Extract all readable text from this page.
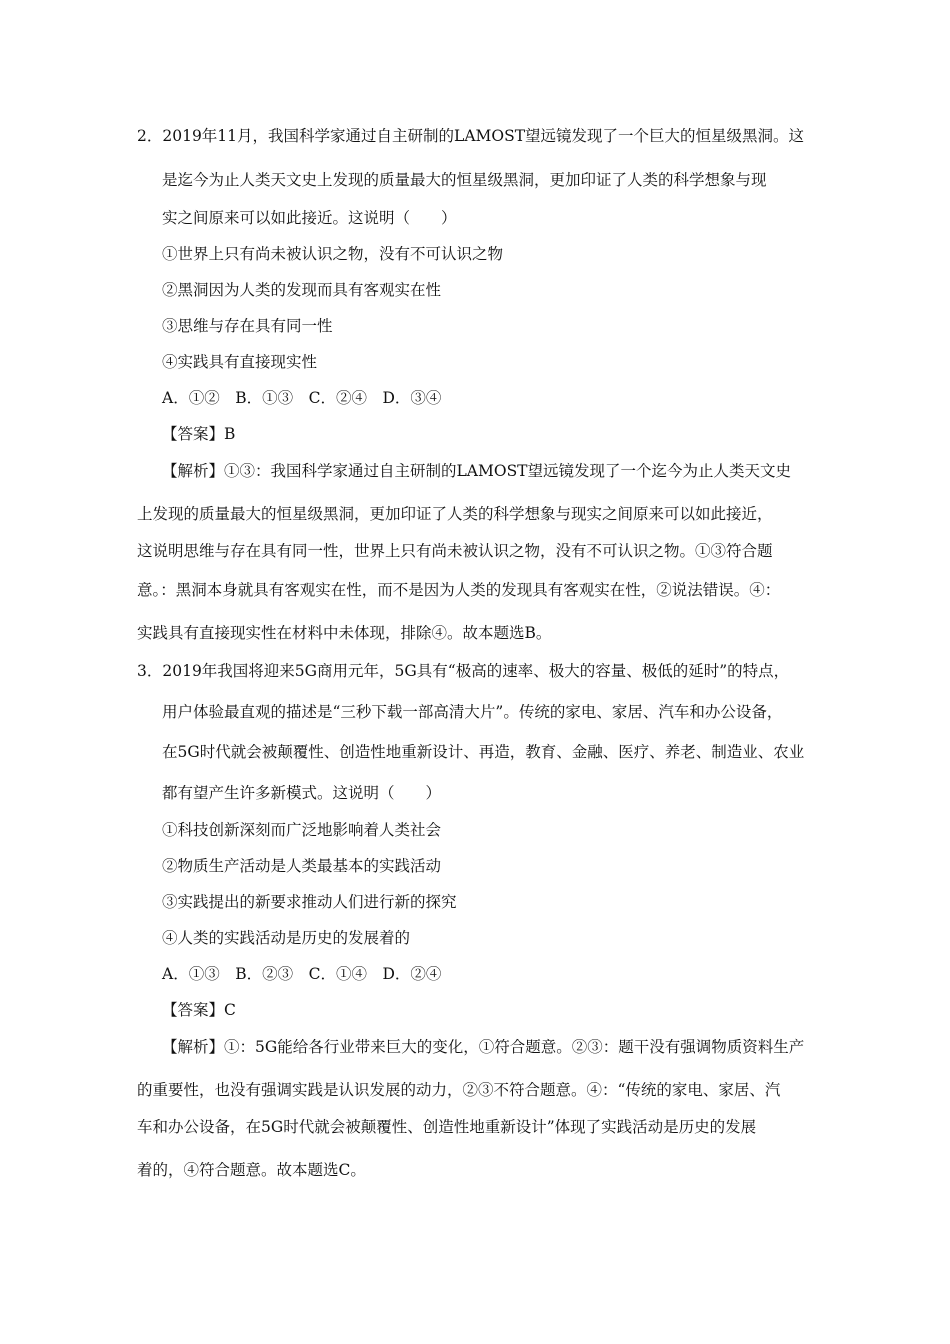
2．2019年11月，我国科学家通过自主研制的LAMOST望远镜发现了一个巨大的恒星级黑洞。这
是迄今为止人类天文史上发现的质量最大的恒星级黑洞，更加印证了人类的科学想象与现
实之间原来可以如此接近。这说明（　　）
①世界上只有尚未被认识之物，没有不可认识之物
②黑洞因为人类的发现而具有客观实在性
③思维与存在具有同一性
④实践具有直接现实性
A．①②　B．①③　C．②④　D．③④
【答案】B
【解析】①③：我国科学家通过自主研制的LAMOST望远镜发现了一个迄今为止人类天文史
上发现的质量最大的恒星级黑洞，更加印证了人类的科学想象与现实之间原来可以如此接近，
这说明思维与存在具有同一性，世界上只有尚未被认识之物，没有不可认识之物。①③符合题
意。：黑洞本身就具有客观实在性，而不是因为人类的发现具有客观实在性，②说法错误。④：
实践具有直接现实性在材料中未体现，排除④。故本题选B。
3．2019年我国将迎来5G商用元年，5G具有“极高的速率、极大的容量、极低的延时”的特点，
用户体验最直观的描述是“三秒下载一部高清大片”。传统的家电、家居、汽车和办公设备，
在5G时代就会被颠覆性、创造性地重新设计、再造，教育、金融、医疗、养老、制造业、农业
都有望产生许多新模式。这说明（　　）
①科技创新深刻而广泛地影响着人类社会
②物质生产活动是人类最基本的实践活动
③实践提出的新要求推动人们进行新的探究
④人类的实践活动是历史的发展着的
A．①③　B．②③　C．①④　D．②④
【答案】C
【解析】①：5G能给各行业带来巨大的变化，①符合题意。②③：题干没有强调物质资料生产
的重要性，也没有强调实践是认识发展的动力，②③不符合题意。④：“传统的家电、家居、汽
车和办公设备，在5G时代就会被颠覆性、创造性地重新设计”体现了实践活动是历史的发展
着的，④符合题意。故本题选C。
